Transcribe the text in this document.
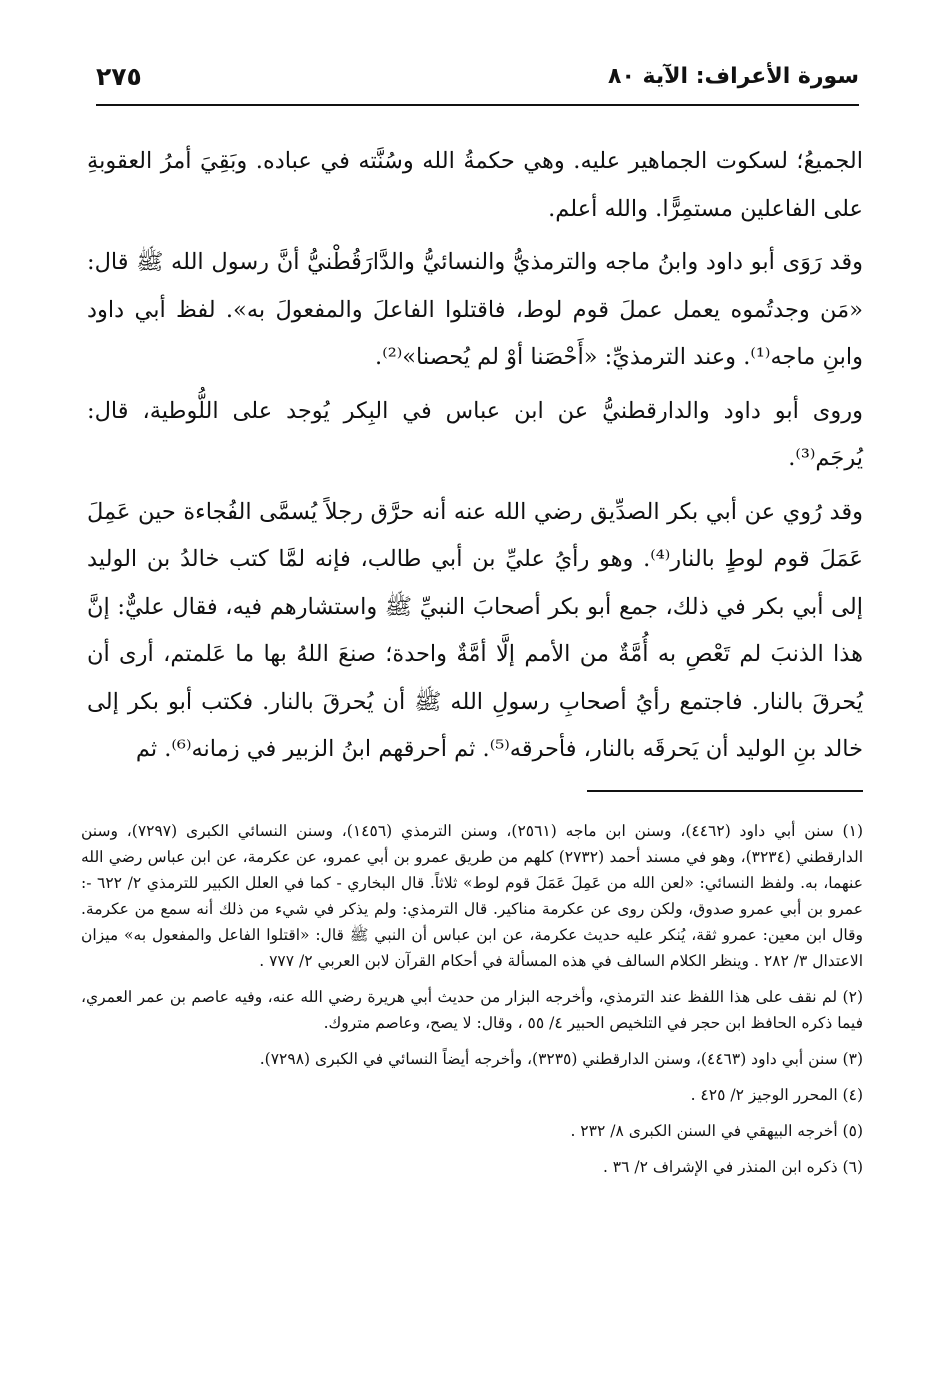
سورة الأعراف: الآية ٨٠
٢٧٥

الجميعُ؛ لسكوت الجماهير عليه. وهي حكمةُ الله وسُنَّته في عباده. وبَقِيَ أمرُ العقوبةِ على الفاعلين مستمِرًّا. والله أعلم.

وقد رَوَى أبو داود وابنُ ماجه والترمذيُّ والنسائيُّ والدَّارَقُطْنيُّ أنَّ رسول الله ﷺ قال: «مَن وجدتُموه يعمل عملَ قوم لوط، فاقتلوا الفاعلَ والمفعولَ به». لفظ أبي داود وابنِ ماجه⁽¹⁾. وعند الترمذيِّ: «أَحْصَنا أوْ لم يُحصنا»⁽²⁾.

وروى أبو داود والدارقطنيُّ عن ابن عباس في البِكر يُوجد على اللُّوطية، قال: يُرجَم⁽³⁾.

وقد رُوي عن أبي بكر الصدِّيق رضي الله عنه أنه حرَّق رجلاً يُسمَّى الفُجاءة حين عَمِلَ عَمَلَ قوم لوطٍ بالنار⁽⁴⁾. وهو رأيُ عليِّ بن أبي طالب، فإنه لمَّا كتب خالدُ بن الوليد إلى أبي بكر في ذلك، جمع أبو بكر أصحابَ النبيِّ ﷺ واستشارهم فيه، فقال عليٌّ: إنَّ هذا الذنبَ لم تَعْصِ به أُمَّةٌ من الأمم إلَّا أمَّةٌ واحدة؛ صنعَ اللهُ بها ما عَلمتم، أرى أن يُحرقَ بالنار. فاجتمع رأيُ أصحابِ رسولِ الله ﷺ أن يُحرقَ بالنار. فكتب أبو بكر إلى خالد بنِ الوليد أن يَحرقَه بالنار، فأحرقه⁽⁵⁾. ثم أحرقهم ابنُ الزبير في زمانه⁽⁶⁾. ثم

(١) سنن أبي داود (٤٤٦٢)، وسنن ابن ماجه (٢٥٦١)، وسنن الترمذي (١٤٥٦)، وسنن النسائي الكبرى (٧٢٩٧)، وسنن الدارقطني (٣٢٣٤)، وهو في مسند أحمد (٢٧٣٢) كلهم من طريق عمرو بن أبي عمرو، عن عكرمة، عن ابن عباس رضي الله عنهما، به. ولفظ النسائي: «لعن الله من عَمِلَ عَمَلَ قوم لوط» ثلاثاً. قال البخاري - كما في العلل الكبير للترمذي ٢/ ٦٢٢ -: عمرو بن أبي عمرو صدوق، ولكن روى عن عكرمة مناكير. قال الترمذي: ولم يذكر في شيء من ذلك أنه سمع من عكرمة. وقال ابن معين: عمرو ثقة، يُنكر عليه حديث عكرمة، عن ابن عباس أن النبي ﷺ قال: «اقتلوا الفاعل والمفعول به» ميزان الاعتدال ٣/ ٢٨٢ . وينظر الكلام السالف في هذه المسألة في أحكام القرآن لابن العربي ٢/ ٧٧٧ .

(٢) لم نقف على هذا اللفظ عند الترمذي، وأخرجه البزار من حديث أبي هريرة رضي الله عنه، وفيه عاصم بن عمر العمري، فيما ذكره الحافظ ابن حجر في التلخيص الحبير ٤/ ٥٥ ، وقال: لا يصح، وعاصم متروك.

(٣) سنن أبي داود (٤٤٦٣)، وسنن الدارقطني (٣٢٣٥)، وأخرجه أيضاً النسائي في الكبرى (٧٢٩٨).

(٤) المحرر الوجيز ٢/ ٤٢٥ .

(٥) أخرجه البيهقي في السنن الكبرى ٨/ ٢٣٢ .

(٦) ذكره ابن المنذر في الإشراف ٢/ ٣٦ .
